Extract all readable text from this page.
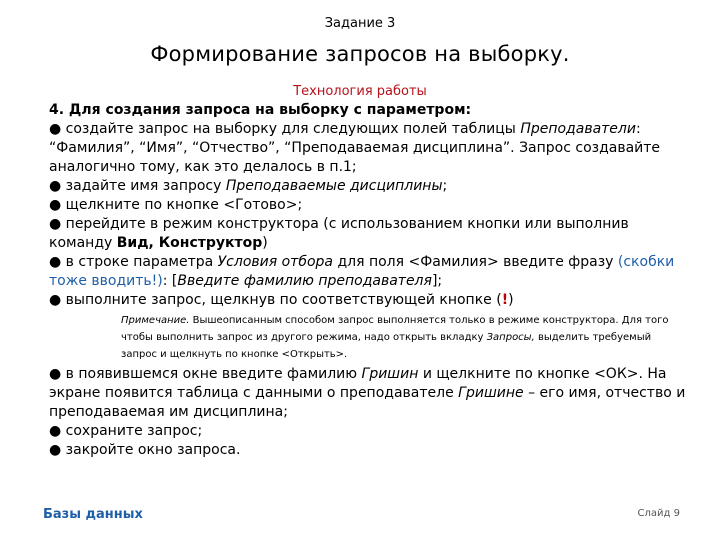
Задание 3
Формирование запросов на выборку.
Технология работы

4. Для создания запроса на выборку с параметром:

● создайте запрос на выборку для следующих полей таблицы Преподаватели: “Фамилия”, “Имя”, “Отчество”, “Преподаваемая дисциплина”. Запрос создавайте аналогично тому, как это делалось в п.1;

● задайте имя запросу Преподаваемые дисциплины;

● щелкните по кнопке <Готово>;

● перейдите в режим конструктора (с использованием кнопки или выполнив команду Вид, Конструктор)

● в строке параметра Условия отбора для поля <Фамилия> введите фразу (скобки тоже вводить!): [Введите фамилию преподавателя];

● выполните запрос, щелкнув по соответствующей кнопке (!)

Примечание. Вышеописанным способом запрос выполняется только в режиме конструктора. Для того чтобы выполнить запрос из другого режима, надо открыть вкладку Запросы, выделить требуемый запрос и щелкнуть по кнопке <Открыть>.

● в появившемся окне введите фамилию Гришин и щелкните по кнопке <ОК>. На экране появится таблица с данными о преподавателе Гришине – его имя, отчество и преподаваемая им дисциплина;

● сохраните запрос;

● закройте окно запроса.

Базы данных	Слайд 9
